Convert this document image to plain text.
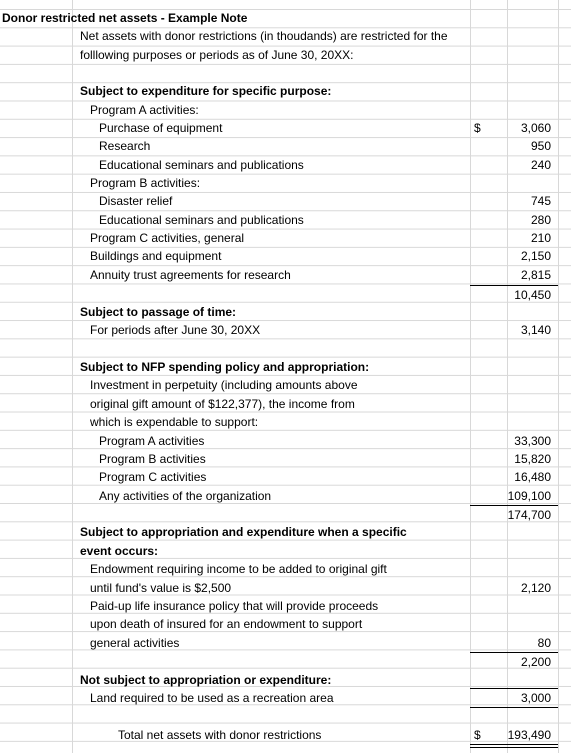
Donor restricted net assets - Example Note
Net assets with donor restrictions (in thoudands) are restricted for the
folllowing purposes or periods as of June 30, 20XX:
Subject to expenditure for specific purpose:
Program A activities:
Purchase of equipment	$	3,060
Research	950
Educational seminars and publications	240
Program B activities:
Disaster relief	745
Educational seminars and publications	280
Program C activities, general	210
Buildings and equipment	2,150
Annuity trust agreements for research	2,815
10,450
Subject to passage of time:
For periods after June 30, 20XX	3,140
Subject to NFP spending policy and appropriation:
Investment in perpetuity (including amounts above
original gift amount of $122,377), the income from
which is expendable to support:
Program A activities	33,300
Program B activities	15,820
Program C activities	16,480
Any activities of the organization	109,100
174,700
Subject to appropriation and expenditure when a specific
event occurs:
Endowment requiring income to be added to original gift
until fund's value is $2,500	2,120
Paid-up life insurance policy that will provide proceeds
upon death of insured for an endowment to support
general activities	80
2,200
Not subject to appropriation or expenditure:
Land required to be used as a recreation area	3,000
Total net assets with donor restrictions	$ 193,490
